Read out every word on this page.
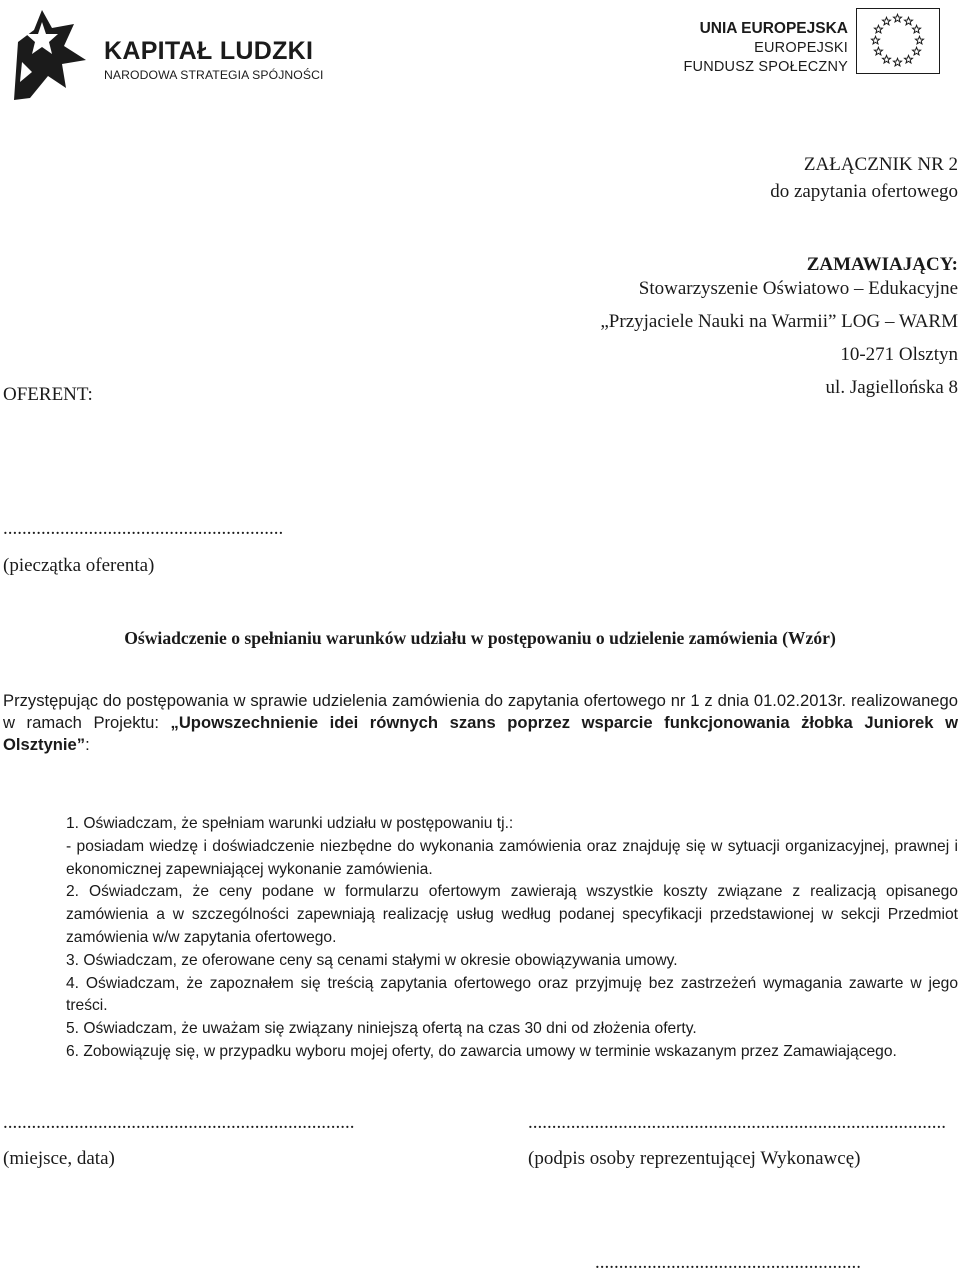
KAPITAŁ LUDZKI

NARODOWA STRATEGIA SPÓJNOŚCI

UNIA EUROPEJSKA

EUROPEJSKI

FUNDUSZ SPOŁECZNY

ZAŁĄCZNIK NR 2

do zapytania ofertowego

ZAMAWIAJĄCY:

Stowarzyszenie Oświatowo – Edukacyjne

„Przyjaciele Nauki na Warmii” LOG – WARM

10-271 Olsztyn

ul. Jagiellońska 8

OFERENT:

...........................................................

(pieczątka oferenta)

Oświadczenie o spełnianiu warunków udziału w postępowaniu o udzielenie zamówienia (Wzór)

Przystępując do postępowania w sprawie udzielenia zamówienia do zapytania ofertowego nr 1 z dnia 01.02.2013r. realizowanego w ramach Projektu: „Upowszechnienie idei równych szans poprzez wsparcie funkcjonowania żłobka Juniorek w Olsztynie”:

1. Oświadczam, że spełniam warunki udziału w postępowaniu tj.:

- posiadam wiedzę i doświadczenie niezbędne do wykonania zamówienia oraz znajduję się w sytuacji organizacyjnej, prawnej i ekonomicznej zapewniającej wykonanie zamówienia.

2. Oświadczam, że ceny podane w formularzu ofertowym zawierają wszystkie koszty związane z realizacją opisanego zamówienia a w szczególności zapewniają realizację usług według podanej specyfikacji przedstawionej w sekcji Przedmiot zamówienia w/w zapytania ofertowego.

3. Oświadczam, ze oferowane ceny są cenami stałymi w okresie obowiązywania umowy.

4. Oświadczam, że zapoznałem się treścią zapytania ofertowego oraz przyjmuję bez zastrzeżeń wymagania zawarte w jego treści.

5. Oświadczam, że uważam się związany niniejszą ofertą na czas 30 dni od złożenia oferty.

6. Zobowiązuję się, w przypadku wyboru mojej oferty, do zawarcia umowy w terminie wskazanym przez Zamawiającego.

..........................................................................

(miejsce, data)

........................................................................................

(podpis osoby reprezentującej Wykonawcę)

........................................................
